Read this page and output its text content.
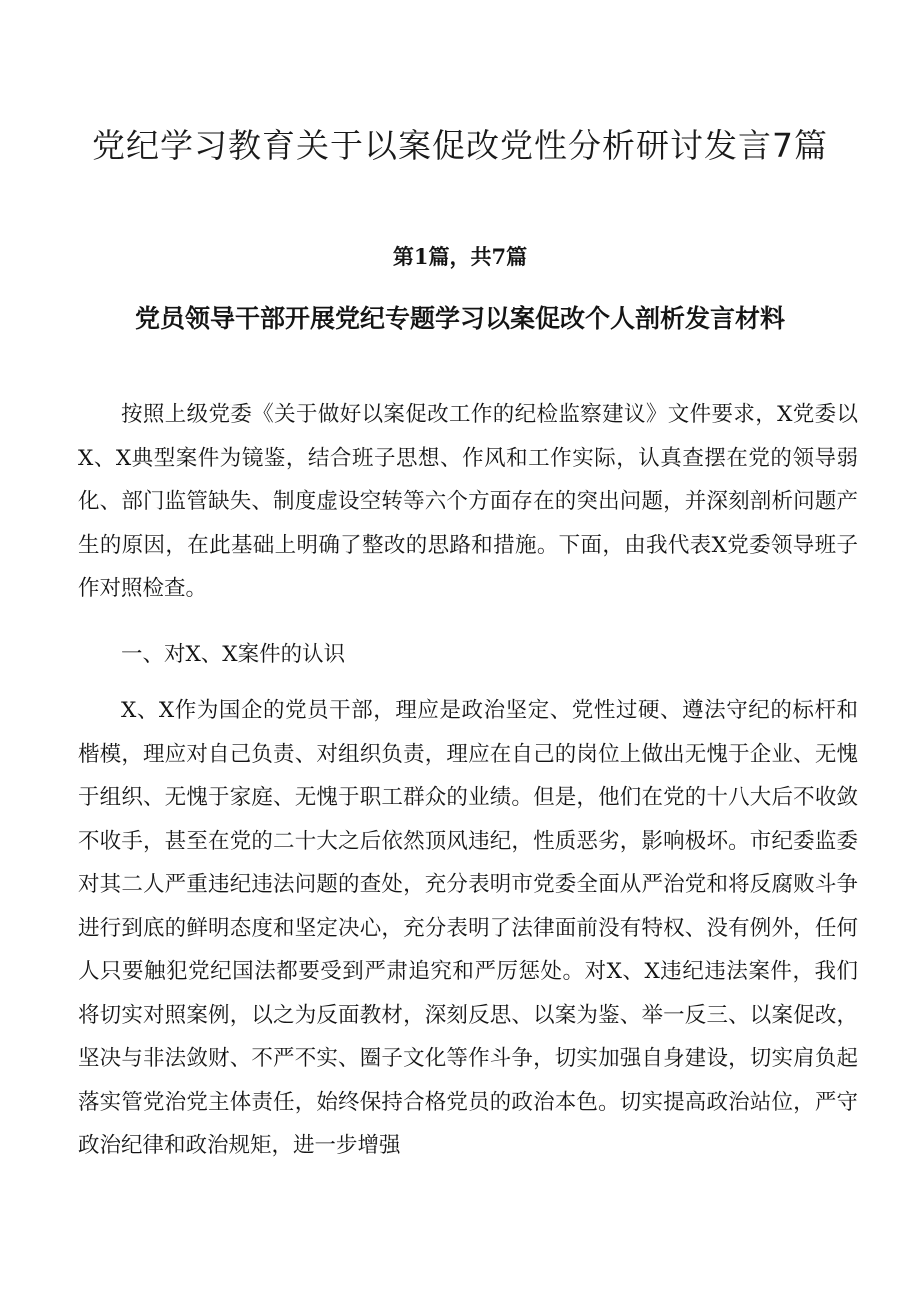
党纪学习教育关于以案促改党性分析研讨发言7篇
第1篇，共7篇
党员领导干部开展党纪专题学习以案促改个人剖析发言材料

按照上级党委《关于做好以案促改工作的纪检监察建议》文件要求，X党委以X、X典型案件为镜鉴，结合班子思想、作风和工作实际，认真查摆在党的领导弱化、部门监管缺失、制度虚设空转等六个方面存在的突出问题，并深刻剖析问题产生的原因，在此基础上明确了整改的思路和措施。下面，由我代表X党委领导班子作对照检查。

一、对X、X案件的认识

X、X作为国企的党员干部，理应是政治坚定、党性过硬、遵法守纪的标杆和楷模，理应对自己负责、对组织负责，理应在自己的岗位上做出无愧于企业、无愧于组织、无愧于家庭、无愧于职工群众的业绩。但是，他们在党的十八大后不收敛不收手，甚至在党的二十大之后依然顶风违纪，性质恶劣，影响极坏。市纪委监委对其二人严重违纪违法问题的查处，充分表明市党委全面从严治党和将反腐败斗争进行到底的鲜明态度和坚定决心，充分表明了法律面前没有特权、没有例外，任何人只要触犯党纪国法都要受到严肃追究和严厉惩处。对X、X违纪违法案件，我们将切实对照案例，以之为反面教材，深刻反思、以案为鉴、举一反三、以案促改，坚决与非法敛财、不严不实、圈子文化等作斗争，切实加强自身建设，切实肩负起落实管党治党主体责任，始终保持合格党员的政治本色。切实提高政治站位，严守政治纪律和政治规矩，进一步增强
